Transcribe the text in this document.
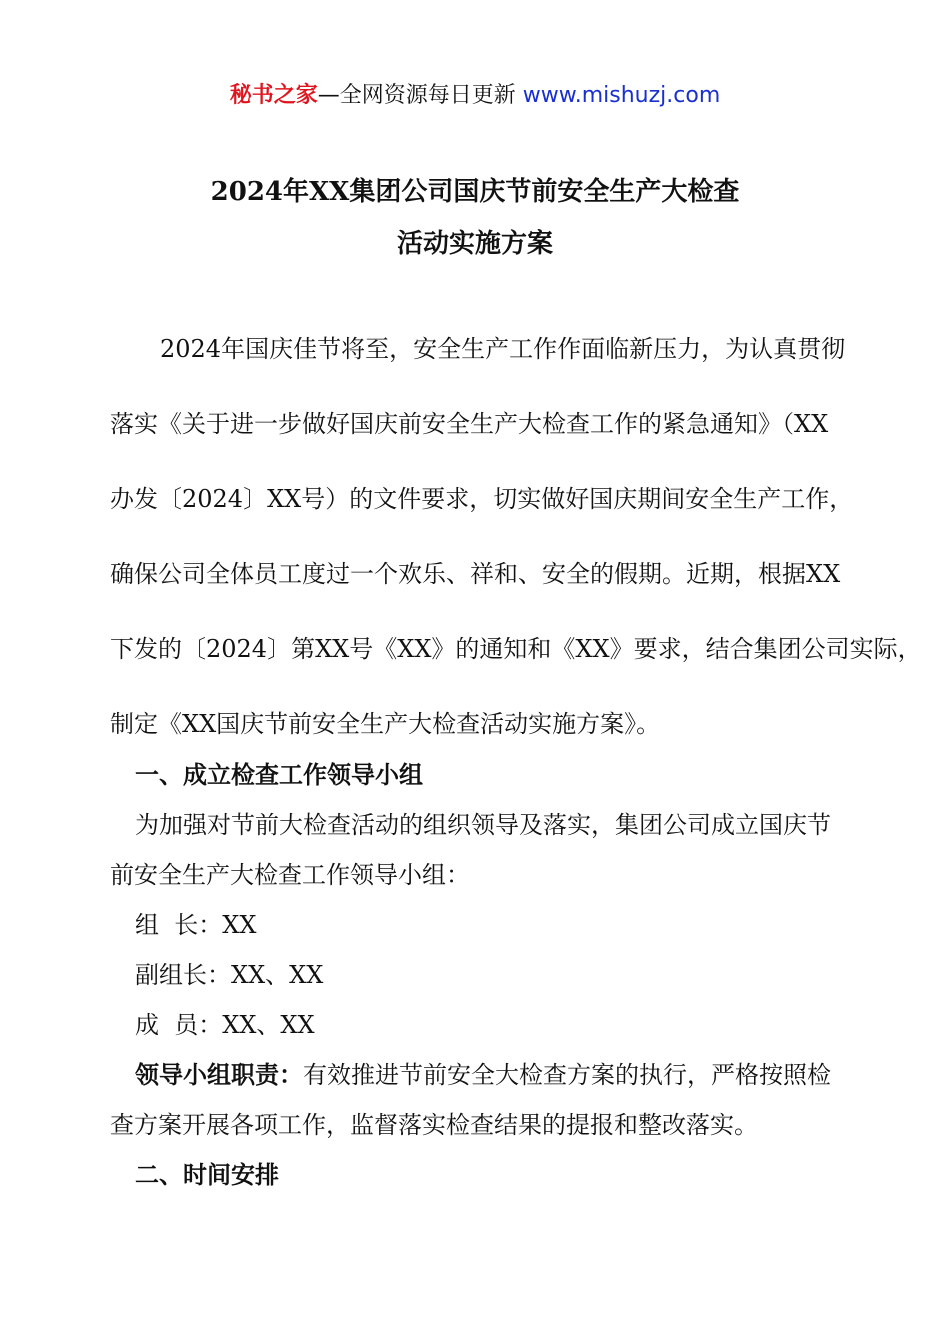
秘书之家—全网资源每日更新 www.mishuzj.com
2024年XX集团公司国庆节前安全生产大检查
活动实施方案
2024年国庆佳节将至，安全生产工作作面临新压力，为认真贯彻
落实《关于进一步做好国庆前安全生产大检查工作的紧急通知》（XX
办发〔2024〕XX号）的文件要求，切实做好国庆期间安全生产工作，
确保公司全体员工度过一个欢乐、祥和、安全的假期。近期，根据XX
下发的〔2024〕第XX号《XX》的通知和《XX》要求，结合集团公司实际，
制定《XX国庆节前安全生产大检查活动实施方案》。
一、成立检查工作领导小组
为加强对节前大检查活动的组织领导及落实，集团公司成立国庆节
前安全生产大检查工作领导小组：
组  长：XX
副组长：XX、XX
成  员：XX、XX
领导小组职责：有效推进节前安全大检查方案的执行，严格按照检
查方案开展各项工作，监督落实检查结果的提报和整改落实。
二、时间安排
